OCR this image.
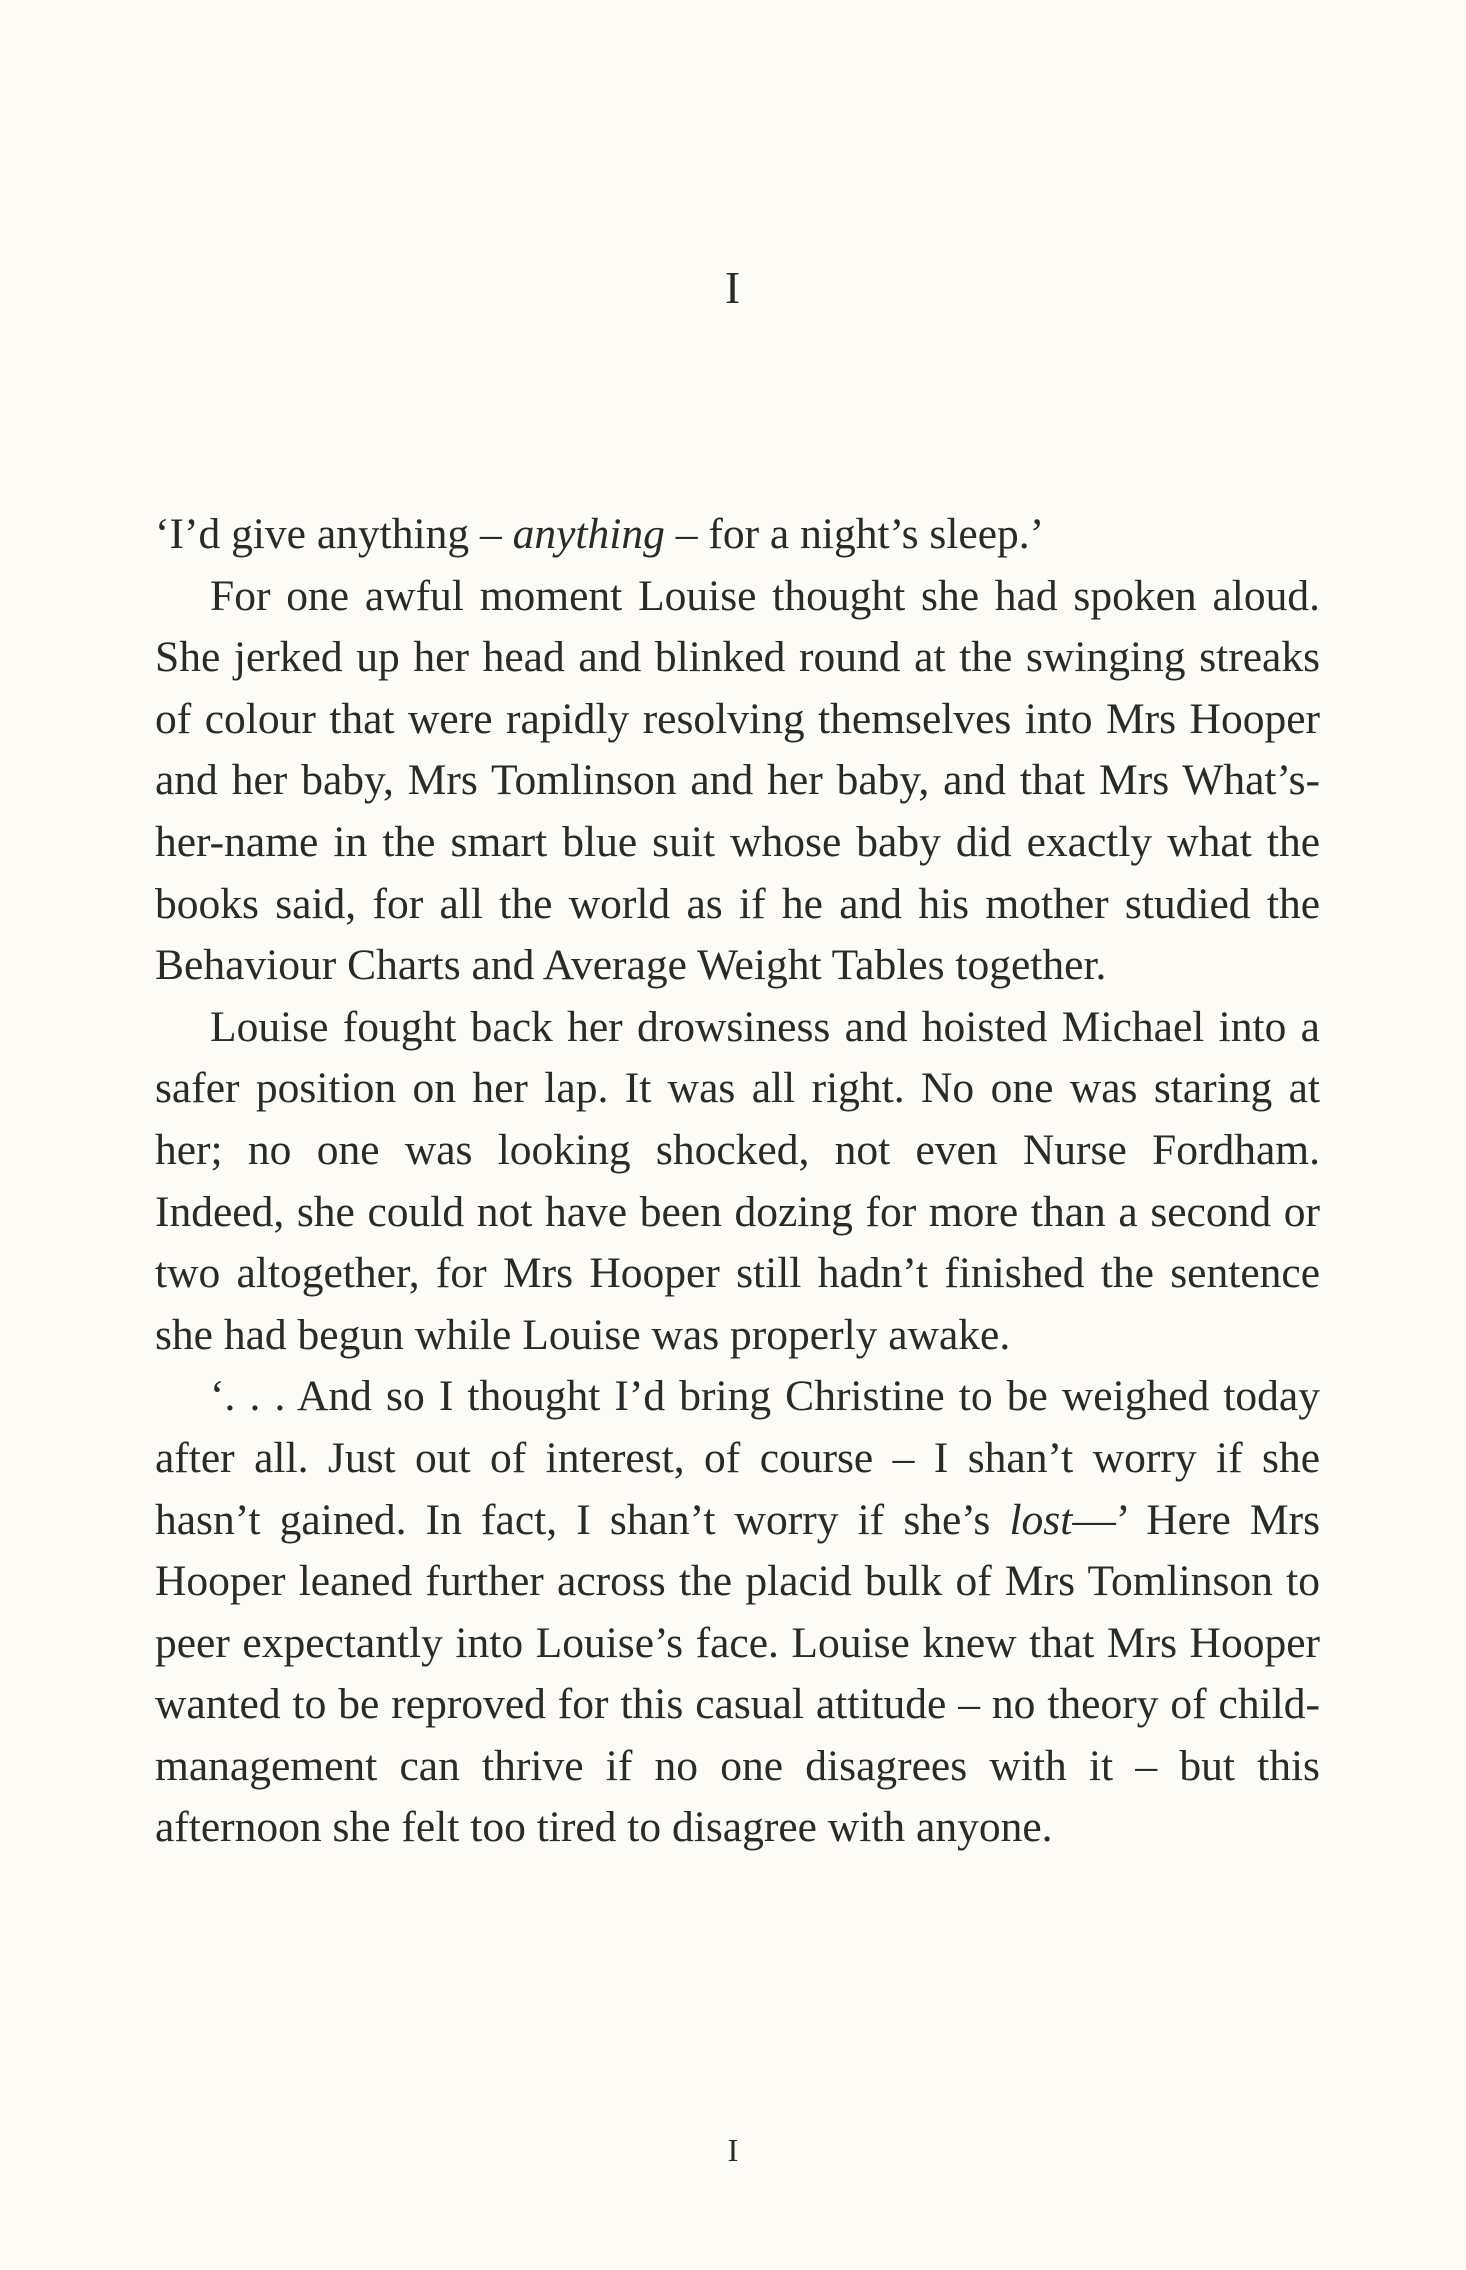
I

‘I’d give anything – anything – for a night’s sleep.’

For one awful moment Louise thought she had spoken aloud. She jerked up her head and blinked round at the swinging streaks of colour that were rapidly resolving themselves into Mrs Hooper and her baby, Mrs Tomlinson and her baby, and that Mrs What’s-her-name in the smart blue suit whose baby did exactly what the books said, for all the world as if he and his mother studied the Behaviour Charts and Average Weight Tables together.

Louise fought back her drowsiness and hoisted Michael into a safer position on her lap. It was all right. No one was staring at her; no one was looking shocked, not even Nurse Fordham. Indeed, she could not have been dozing for more than a second or two altogether, for Mrs Hooper still hadn’t finished the sentence she had begun while Louise was properly awake.

‘. . . And so I thought I’d bring Christine to be weighed today after all. Just out of interest, of course – I shan’t worry if she hasn’t gained. In fact, I shan’t worry if she’s lost—’ Here Mrs Hooper leaned further across the placid bulk of Mrs Tomlinson to peer expectantly into Louise’s face. Louise knew that Mrs Hooper wanted to be reproved for this casual attitude – no theory of child-management can thrive if no one disagrees with it – but this afternoon she felt too tired to disagree with anyone.

I
